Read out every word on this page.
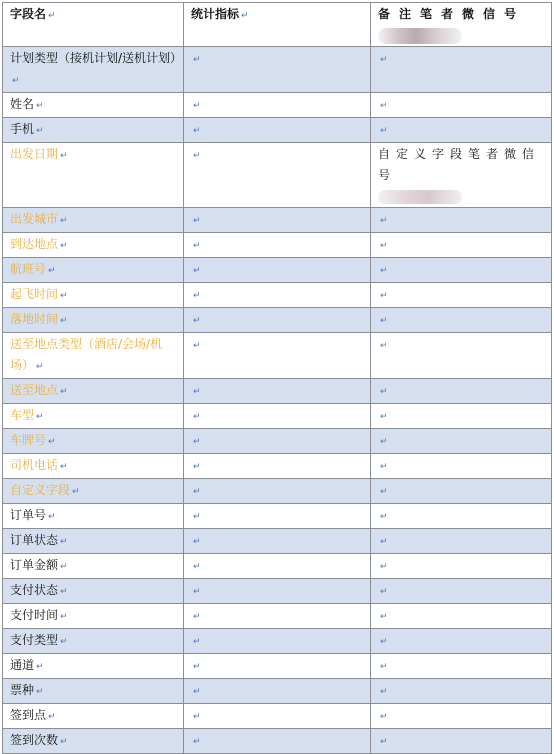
字段名 ↵	统计指标 ↵	备注笔者微信号

计划类型（接机计划/送机计划）↵	↵	↵
姓名 ↵	↵	↵
手机 ↵	↵	↵
出发日期 ↵	↵	自定义字段笔者微信号

出发城市 ↵	↵	↵
到达地点 ↵	↵	↵
航班号 ↵	↵	↵
起飞时间 ↵	↵	↵
落地时间 ↵	↵	↵
送至地点类型（酒店/会场/机场） ↵	↵	↵
送至地点 ↵	↵	↵
车型 ↵	↵	↵
车牌号 ↵	↵	↵
司机电话 ↵	↵	↵
自定义字段 ↵	↵	↵
订单号 ↵	↵	↵
订单状态 ↵	↵	↵
订单金额 ↵	↵	↵
支付状态 ↵	↵	↵
支付时间 ↵	↵	↵
支付类型 ↵	↵	↵
通道 ↵	↵	↵
票种 ↵	↵	↵
签到点 ↵	↵	↵
签到次数 ↵	↵	↵
